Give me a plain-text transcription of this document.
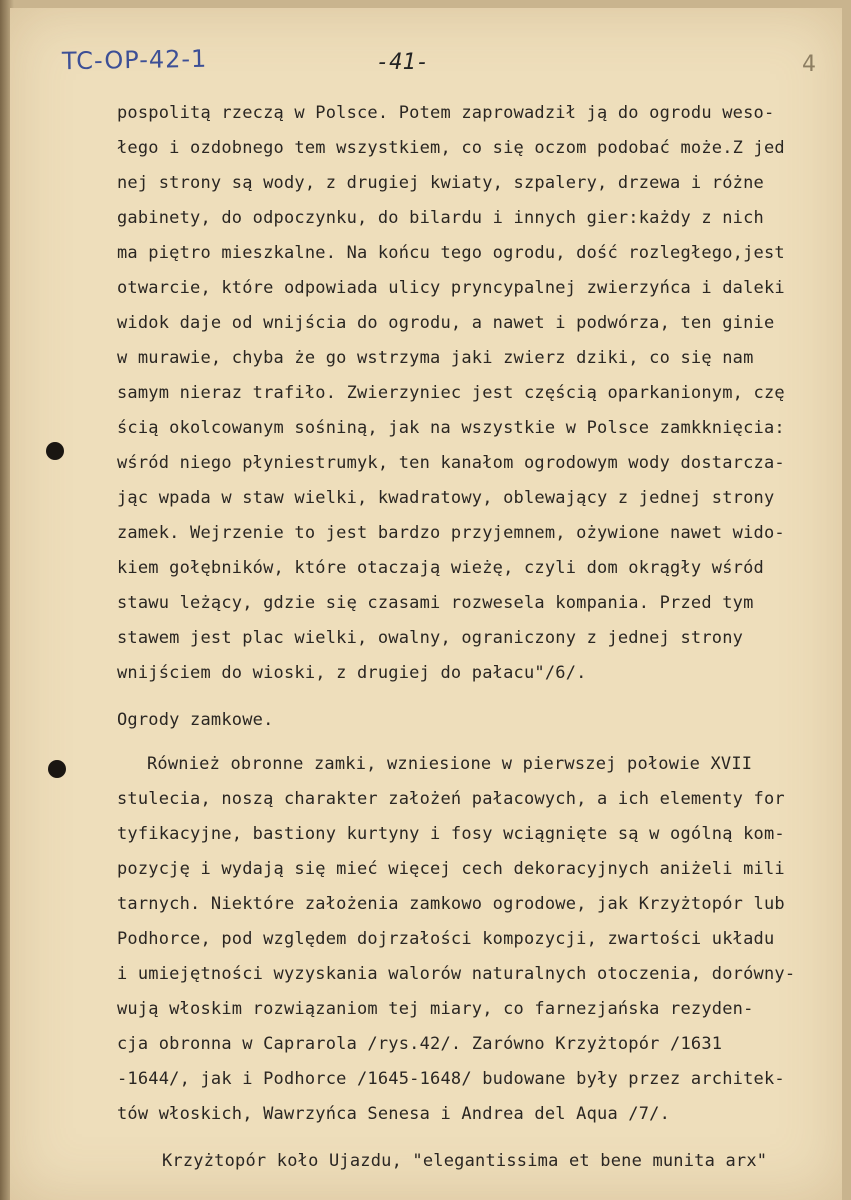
TC-OP-42-1	-41-	4
pospolitą rzeczą w Polsce. Potem zaprowadził ją do ogrodu weso-
łego i ozdobnego tem wszystkiem, co się oczom podobać może.Z jed
nej strony są wody, z drugiej kwiaty, szpalery, drzewa i różne
gabinety, do odpoczynku, do bilardu i innych gier:każdy z nich
ma piętro mieszkalne. Na końcu tego ogrodu, dość rozległego,jest
otwarcie, które odpowiada ulicy pryncypalnej zwierzyńca i daleki
widok daje od wnijścia do ogrodu, a nawet i podwórza, ten ginie
w murawie, chyba że go wstrzyma jaki zwierz dziki, co się nam
samym nieraz trafiło. Zwierzyniec jest częścią oparkanionym, czę
ścią okolcowanym sośniną, jak na wszystkie w Polsce zamkknięcia:
wśród niego płyniestrumyk, ten kanałom ogrodowym wody dostarcza-
jąc wpada w staw wielki, kwadratowy, oblewający z jednej strony
zamek. Wejrzenie to jest bardzo przyjemnem, ożywione nawet wido-
kiem gołębników, które otaczają wieżę, czyli dom okrągły wśród
stawu leżący, gdzie się czasami rozwesela kompania. Przed tym
stawem jest plac wielki, owalny, ograniczony z jednej strony
wnijściem do wioski, z drugiej do pałacu"/6/.
Ogrody zamkowe.
Również obronne zamki, wzniesione w pierwszej połowie XVII
stulecia, noszą charakter założeń pałacowych, a ich elementy for
tyfikacyjne, bastiony kurtyny i fosy wciągnięte są w ogólną kom-
pozycję i wydają się mieć więcej cech dekoracyjnych aniżeli mili
tarnych. Niektóre założenia zamkowo ogrodowe, jak Krzyżtopór lub
Podhorce, pod względem dojrzałości kompozycji, zwartości układu
i umiejętności wyzyskania walorów naturalnych otoczenia, dorówny-
wują włoskim rozwiązaniom tej miary, co farnezjańska rezyden-
cja obronna w Caprarola /rys.42/. Zarówno Krzyżtopór /1631
-1644/, jak i Podhorce /1645-1648/ budowane były przez architek-
tów włoskich, Wawrzyńca Senesa i Andrea del Aqua /7/.
Krzyżtopór koło Ujazdu, "elegantissima et bene munita arx"
